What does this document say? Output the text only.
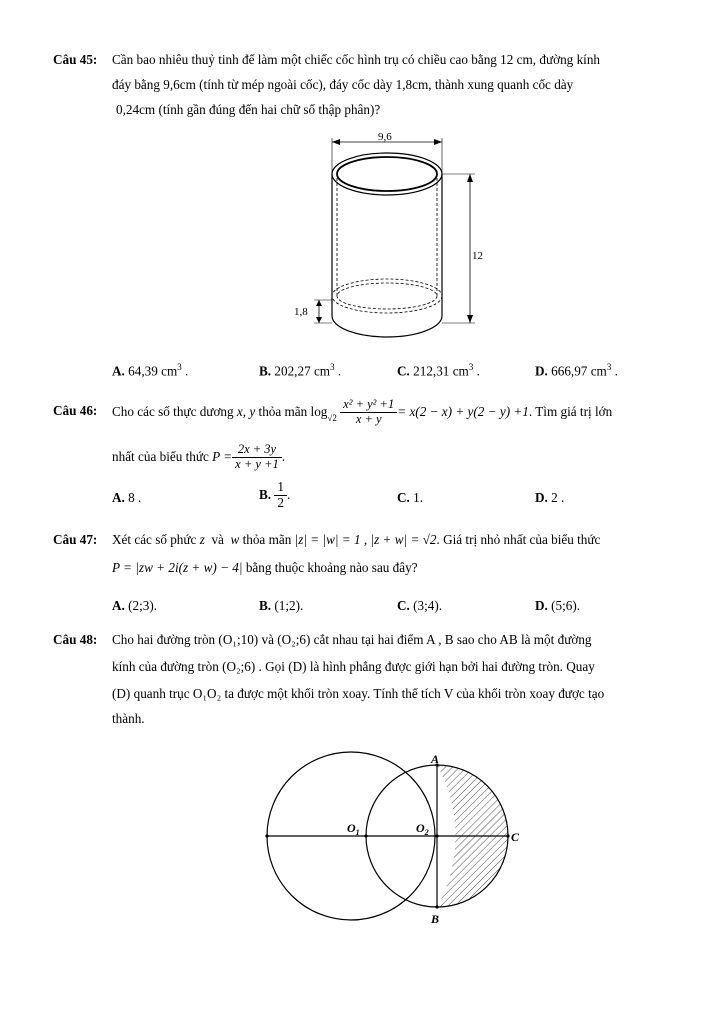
Câu 45: Cần bao nhiêu thuỷ tinh để làm một chiếc cốc hình trụ có chiều cao bằng 12 cm, đường kính
đáy bằng 9,6cm (tính từ mép ngoài cốc), đáy cốc dày 1,8cm, thành xung quanh cốc dày
0,24cm (tính gần đúng đến hai chữ số thập phân)?
9,6
12
1,8
A. 64,39 $cm^3$ .	B. 202,27 $cm^3$ .	C. 212,31 $cm^3$ .	D. 666,97 $cm^3$ .
Câu 46: Cho các số thực dương
x, y
thỏa mãn
$\log_{√2}$
$\frac{\text{x² + y² +1}}{x + y} = x(2 - x) + y(2 - y) +1$ . Tìm giá trị lớn
nhất của biểu thức
$P = \frac{2x + 3y}{x + y +1}$ .
A. 8 .	B.
$\frac{1}{2}$ .	C. 1.	D. 2 .
Câu 47: Xét các số phức z và w thỏa mãn |z| = |w| = 1 , |z + w| = √2. Giá trị nhỏ nhất của biểu thức
P = |zw + 2i(z + w) − 4| bằng thuộc khoảng nào sau đây?
A. (2;3).	B. (1;2).	C. (3;4).	D. (5;6).
Câu 48: Cho hai đường tròn (O₁;10) và (O₂;6) cắt nhau tại hai điểm A , B sao cho AB là một đường
kính của đường tròn (O₂;6) . Gọi (D) là hình phẳng được giới hạn bởi hai đường tròn. Quay
(D) quanh trục O₁O₂ ta được một khối tròn xoay. Tính thể tích V của khối tròn xoay được tạo
thành.
A
B
C
$O_1$	$O_2$
